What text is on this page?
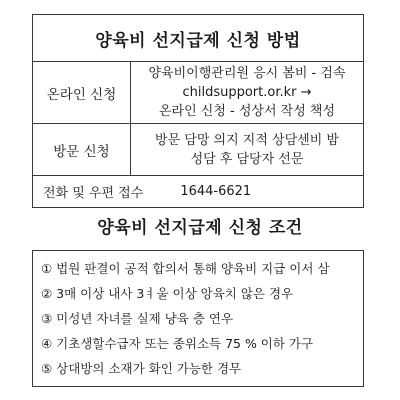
양육비 선지급제 신청 방법
온라인 신청
양육비이행관리원 응시 봄비 - 검속
childsupport.or.kr →
온라인 신청 - 성상서 작성 책성
방문 신청
방문 담망 의지 지적 상담센비 밤
성담 후 담당자 선문
전화 및 우편 접수	1644-6621
양육비 선지급제 신청 조건
① 법원 판결이 공적 합의서 통해 양육비 지급 이서 삼
② 3매 이상 내사 3ㅕ울 이상 앙육치 않은 경우
③ 미성년 자녀를 실제 냥육 층 연우
④ 기초생할수급자 또는 종위소득 75 % 이하 가구
⑤ 상대방의 소재가 화인 가능한 경무
